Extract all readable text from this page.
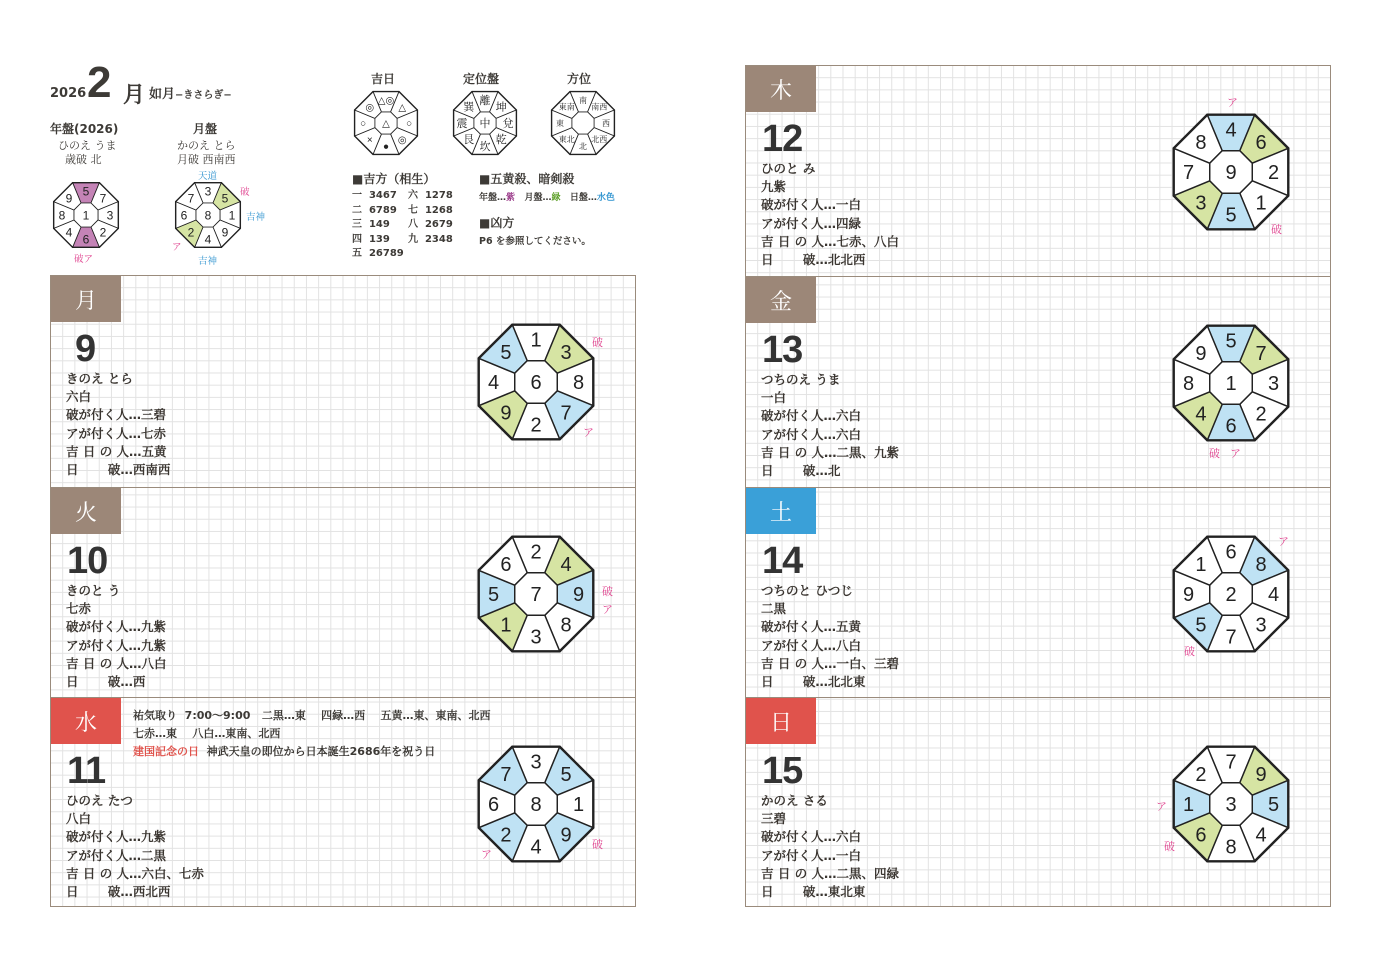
2026 2 月 如月−きさらぎ−
年盤(2026)
ひのえ うま
歳破 北
月盤
かのえ とら
月破 西南西
5
7
3
2
6
4
8
9
1
破ア
3
5
1
9
4
2
6
7
8
天道
破
吉神
ア
吉神
吉日	定位盤	方位
△◎
△
○
◎
●
×
○
◎
△
離
坤
兌
乾
坎
艮
震
巽
中
南
南西
西
北西
北
東北
東
東南
■吉方（相生）
一  3467 六  1278
二  6789 七  1268
三  149 八  2679
四  139 九  2348
五  26789
■五黄殺、暗剣殺
年盤…紫 月盤…緑 日盤…水色
■凶方
P6 を参照してください。
月
9
きのえ とら
六白
破が付く人…三碧
アが付く人…七赤
吉 日 の 人…五黄
日　　 破…西南西
1
3
8
7
2
9
4
5
6
破
ア
火
10
きのと う
七赤
破が付く人…九紫
アが付く人…九紫
吉 日 の 人…八白
日　　 破…西
2
4
9
8
3
1
5
6
7	破
ア
水
11
ひのえ たつ
八白
破が付く人…九紫
アが付く人…二黒
吉 日 の 人…六白、七赤
日　　 破…西北西
祐気取り  7:00〜9:00   二黒…東    四緑…西    五黄…東、東南、北西
七赤…東    八白…東南、北西
建国記念の日  神武天皇の即位から日本誕生2686年を祝う日
3
5
1
9
4
2
6
7
8
ア
破
木
12
ひのと み
九紫
破が付く人…一白
アが付く人…四緑
吉 日 の 人…七赤、八白
日　　 破…北北西
4
6
2
1
5
3
7
8
9
ア
破
金
13
つちのえ うま
一白
破が付く人…六白
アが付く人…六白
吉 日 の 人…二黒、九紫
日　　 破…北
5
7
3
2
6
4
8
9
1
破 ア
土
14
つちのと ひつじ
二黒
破が付く人…五黄
アが付く人…八白
吉 日 の 人…一白、三碧
日　　 破…北北東
6
8
4
3
7
5
9
1
2
ア
破
日
15
かのえ さる
三碧
破が付く人…六白
アが付く人…一白
吉 日 の 人…二黒、四緑
日　　 破…東北東
7
9
5
4
8
6
1
2
3
ア
破
